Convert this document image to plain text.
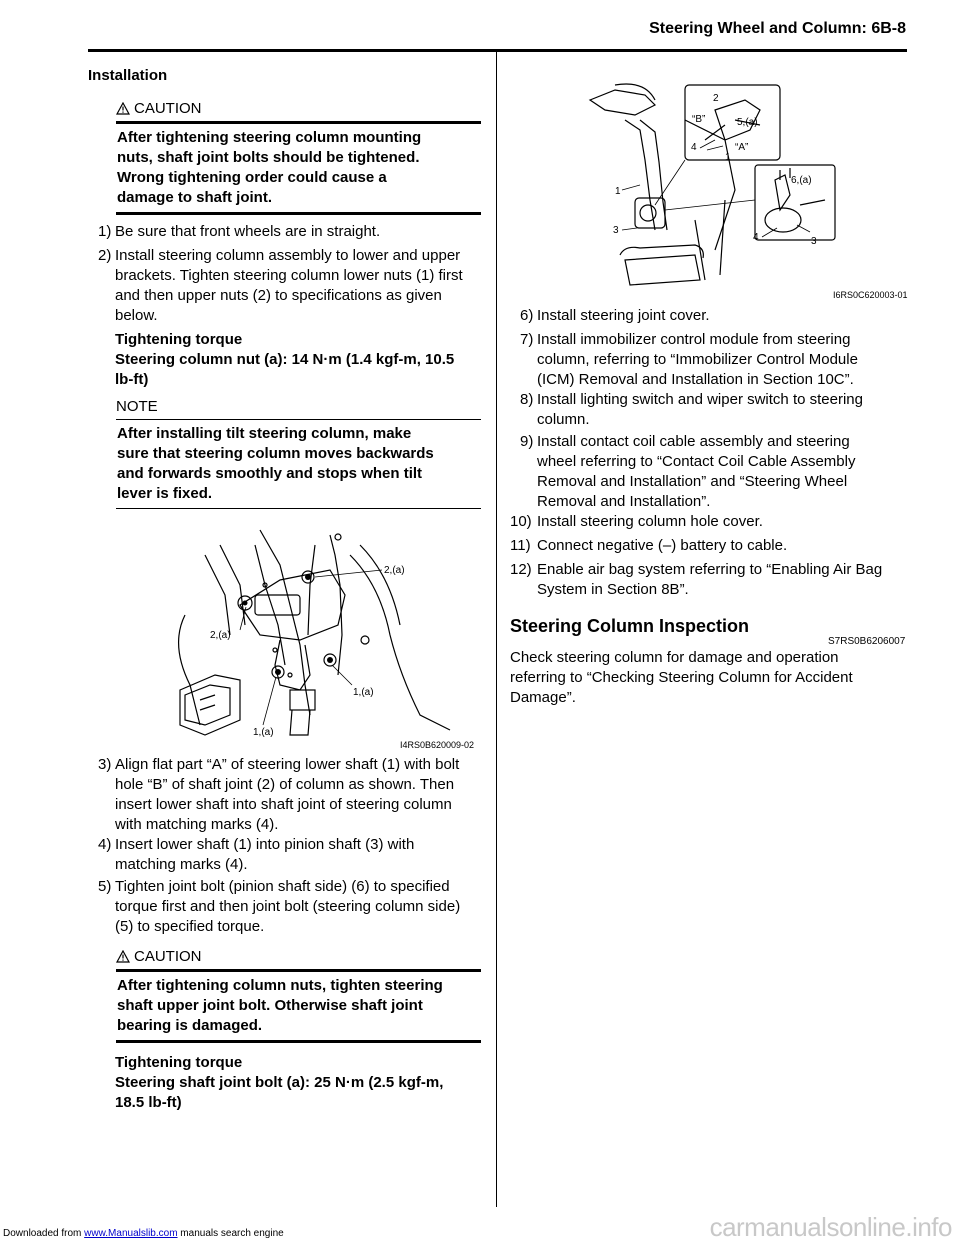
Steering Wheel and Column: 6B-8
Installation
CAUTION
After tightening steering column mounting
nuts, shaft joint bolts should be tightened.
Wrong tightening order could cause a
damage to shaft joint.
1) Be sure that front wheels are in straight.
2) Install steering column assembly to lower and upper
brackets. Tighten steering column lower nuts (1) first
and then upper nuts (2) to specifications as given
below.
Tightening torque
Steering column nut (a): 14 N·m (1.4 kgf-m, 10.5
lb-ft)
NOTE
After installing tilt steering column, make
sure that steering column moves backwards
and forwards smoothly and stops when tilt
lever is fixed.
2,(a)
2,(a)
1,(a)
1,(a)
I4RS0B620009-02
3) Align flat part “A” of steering lower shaft (1) with bolt
hole “B” of shaft joint (2) of column as shown. Then
insert lower shaft into shaft joint of steering column
with matching marks (4).
4) Insert lower shaft (1) into pinion shaft (3) with
matching marks (4).
5) Tighten joint bolt (pinion shaft side) (6) to specified
torque first and then joint bolt (steering column side)
(5) to specified torque.
CAUTION
After tightening column nuts, tighten steering
shaft upper joint bolt. Otherwise shaft joint
bearing is damaged.
Tightening torque
Steering shaft joint bolt (a): 25 N·m (2.5 kgf-m,
18.5 lb-ft)
2
“B”	5,(a)
4	“A”
1
1
6,(a)
3
4	3
I6RS0C620003-01
6) Install steering joint cover.
7) Install immobilizer control module from steering
column, referring to “Immobilizer Control Module
(ICM) Removal and Installation in Section 10C”.
8) Install lighting switch and wiper switch to steering
column.
9) Install contact coil cable assembly and steering
wheel referring to “Contact Coil Cable Assembly
Removal and Installation” and “Steering Wheel
Removal and Installation”.
10) Install steering column hole cover.
11) Connect negative (–) battery to cable.
12) Enable air bag system referring to “Enabling Air Bag
System in Section 8B”.
Steering Column Inspection
S7RS0B6206007
Check steering column for damage and operation
referring to “Checking Steering Column for Accident
Damage”.
Downloaded from www.Manualslib.com manuals search engine	carmanualsonline.info
